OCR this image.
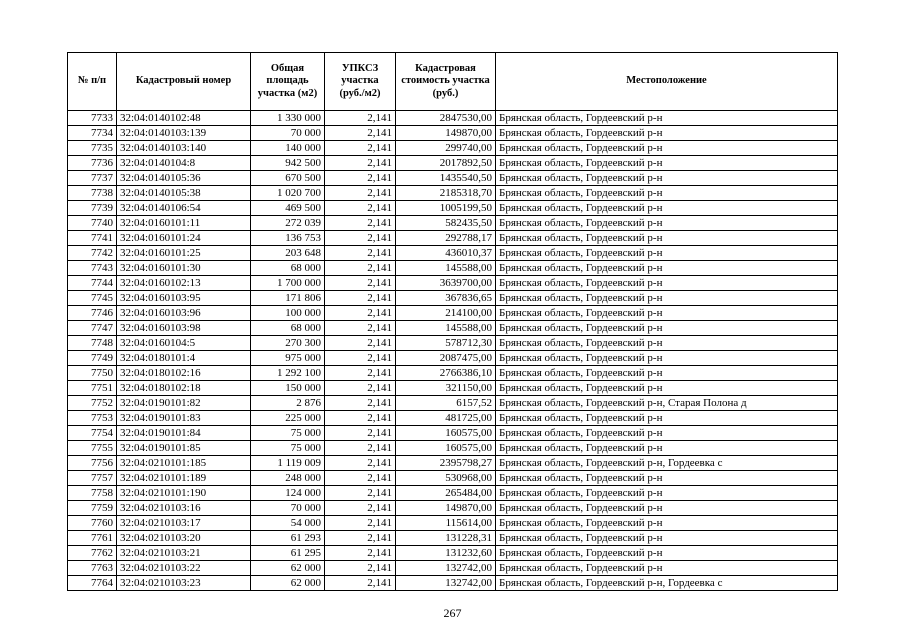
№ п/п	Кадастровый номер	Общая площадь участка (м2)	УПКСЗ участка (руб./м2)	Кадастровая стоимость участка (руб.)	Местоположение
7733	32:04:0140102:48	1 330 000	2,141	2847530,00	Брянская область, Гордеевский р-н
7734	32:04:0140103:139	70 000	2,141	149870,00	Брянская область, Гордеевский р-н
7735	32:04:0140103:140	140 000	2,141	299740,00	Брянская область, Гордеевский р-н
7736	32:04:0140104:8	942 500	2,141	2017892,50	Брянская область, Гордеевский р-н
7737	32:04:0140105:36	670 500	2,141	1435540,50	Брянская область, Гордеевский р-н
7738	32:04:0140105:38	1 020 700	2,141	2185318,70	Брянская область, Гордеевский р-н
7739	32:04:0140106:54	469 500	2,141	1005199,50	Брянская область, Гордеевский р-н
7740	32:04:0160101:11	272 039	2,141	582435,50	Брянская область, Гордеевский р-н
7741	32:04:0160101:24	136 753	2,141	292788,17	Брянская область, Гордеевский р-н
7742	32:04:0160101:25	203 648	2,141	436010,37	Брянская область, Гордеевский р-н
7743	32:04:0160101:30	68 000	2,141	145588,00	Брянская область, Гордеевский р-н
7744	32:04:0160102:13	1 700 000	2,141	3639700,00	Брянская область, Гордеевский р-н
7745	32:04:0160103:95	171 806	2,141	367836,65	Брянская область, Гордеевский р-н
7746	32:04:0160103:96	100 000	2,141	214100,00	Брянская область, Гордеевский р-н
7747	32:04:0160103:98	68 000	2,141	145588,00	Брянская область, Гордеевский р-н
7748	32:04:0160104:5	270 300	2,141	578712,30	Брянская область, Гордеевский р-н
7749	32:04:0180101:4	975 000	2,141	2087475,00	Брянская область, Гордеевский р-н
7750	32:04:0180102:16	1 292 100	2,141	2766386,10	Брянская область, Гордеевский р-н
7751	32:04:0180102:18	150 000	2,141	321150,00	Брянская область, Гордеевский р-н
7752	32:04:0190101:82	2 876	2,141	6157,52	Брянская область, Гордеевский р-н, Старая Полона д
7753	32:04:0190101:83	225 000	2,141	481725,00	Брянская область, Гордеевский р-н
7754	32:04:0190101:84	75 000	2,141	160575,00	Брянская область, Гордеевский р-н
7755	32:04:0190101:85	75 000	2,141	160575,00	Брянская область, Гордеевский р-н
7756	32:04:0210101:185	1 119 009	2,141	2395798,27	Брянская область, Гордеевский р-н, Гордеевка с
7757	32:04:0210101:189	248 000	2,141	530968,00	Брянская область, Гордеевский р-н
7758	32:04:0210101:190	124 000	2,141	265484,00	Брянская область, Гордеевский р-н
7759	32:04:0210103:16	70 000	2,141	149870,00	Брянская область, Гордеевский р-н
7760	32:04:0210103:17	54 000	2,141	115614,00	Брянская область, Гордеевский р-н
7761	32:04:0210103:20	61 293	2,141	131228,31	Брянская область, Гордеевский р-н
7762	32:04:0210103:21	61 295	2,141	131232,60	Брянская область, Гордеевский р-н
7763	32:04:0210103:22	62 000	2,141	132742,00	Брянская область, Гордеевский р-н
7764	32:04:0210103:23	62 000	2,141	132742,00	Брянская область, Гордеевский р-н, Гордеевка с
267
